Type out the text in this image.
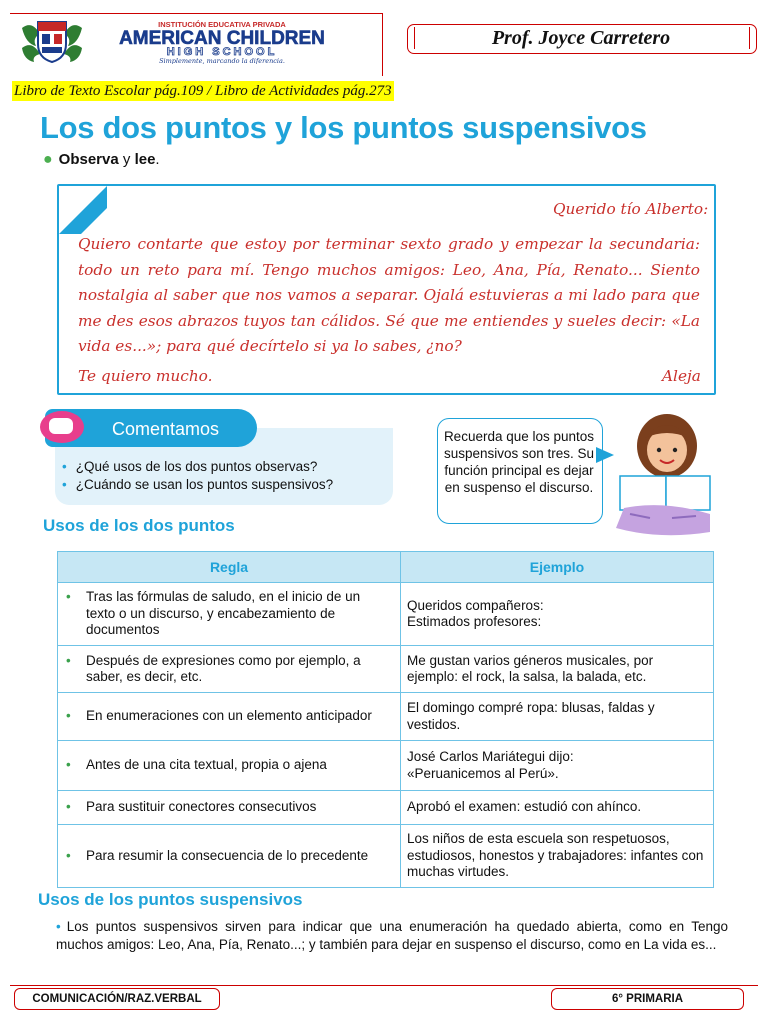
INSTITUCIÓN EDUCATIVA PRIVADA
AMERICAN CHILDREN
HIGH SCHOOL
Simplemente, marcando la diferencia.
Prof. Joyce Carretero
Libro de Texto Escolar pág.109 / Libro de Actividades pág.273
Los dos puntos y los puntos suspensivos
● Observa y lee.
Querido tío Alberto:
Quiero contarte que estoy por terminar sexto grado y empezar la secundaria: todo un reto para mí. Tengo muchos amigos: Leo, Ana, Pía, Renato... Siento nostalgia al saber que nos vamos a separar. Ojalá estuvieras a mi lado para que me des esos abrazos tuyos tan cálidos. Sé que me entiendes y sueles decir: «La vida es...»; para qué decírtelo si ya lo sabes, ¿no?
Te quiero mucho.	Aleja
Comentamos
• ¿Qué usos de los dos puntos observas?
• ¿Cuándo se usan los puntos suspensivos?
Recuerda que los puntos suspensivos son tres. Su función principal es dejar en suspenso el discurso.
Usos de los dos puntos
Regla	Ejemplo
• Tras las fórmulas de saludo, en el inicio de un texto o un discurso, y encabezamiento de documentos	Queridos compañeros:
Estimados profesores:
• Después de expresiones como por ejemplo, a saber, es decir, etc.	Me gustan varios géneros musicales, por ejemplo: el rock, la salsa, la balada, etc.
• En enumeraciones con un elemento anticipador	El domingo compré ropa: blusas, faldas y vestidos.
• Antes de una cita textual, propia o ajena	José Carlos Mariátegui dijo:
«Peruanicemos al Perú».
• Para sustituir conectores consecutivos	Aprobó el examen: estudió con ahínco.
• Para resumir la consecuencia de lo precedente	Los niños de esta escuela son respetuosos, estudiosos, honestos y trabajadores: infantes con muchas virtudes.
Usos de los puntos suspensivos
• Los puntos suspensivos sirven para indicar que una enumeración ha quedado abierta, como en Tengo muchos amigos: Leo, Ana, Pía, Renato...; y también para dejar en suspenso el discurso, como en La vida es...
COMUNICACIÓN/RAZ.VERBAL	6° PRIMARIA
